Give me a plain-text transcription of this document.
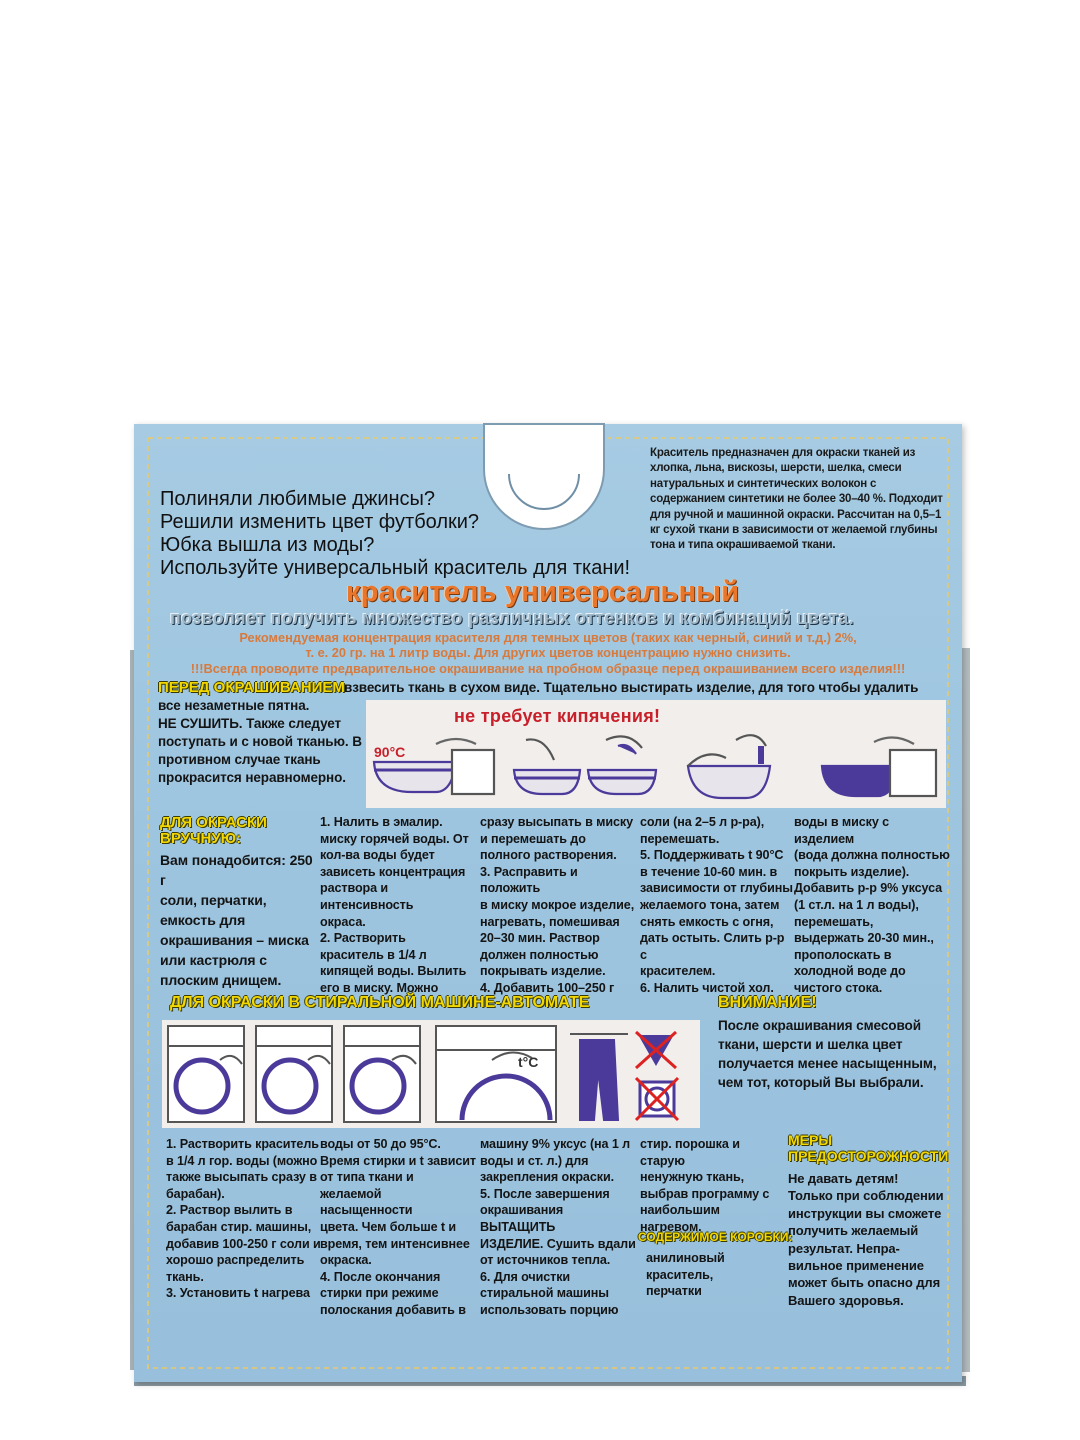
Полиняли любимые джинсы?
Решили изменить цвет футболки?
Юбка вышла из моды?
Используйте универсальный краситель для ткани!
Краситель предназначен для окраски тканей из хлопка, льна, вискозы, шерсти, шелка, смеси натуральных и синтетических волокон с содержанием синтетики не более 30–40 %. Подходит для ручной и машинной окраски. Рассчитан на 0,5–1 кг сухой ткани в зависимости от желаемой глубины тона и типа окрашиваемой ткани.
краситель универсальный
позволяет получить множество различных оттенков и комбинаций цвета.
Рекомендуемая концентрация красителя для темных цветов (таких как черный, синий и т.д.) 2%,
т. е. 20 гр. на 1 литр воды. Для других цветов концентрацию нужно снизить.
!!!Всегда проводите предварительное окрашивание на пробном образце перед окрашиванием всего изделия!!!
ПЕРЕД ОКРАШИВАНИЕМ взвесить ткань в сухом виде. Тщательно выстирать изделие, для того чтобы удалить
все незаметные пятна.
НЕ СУШИТЬ. Также следует
поступать и с новой тканью. В
противном случае ткань
прокрасится неравномерно.
не требует кипячения!
90°С
ДЛЯ ОКРАСКИ
ВРУЧНУЮ:
Вам понадобится: 250 г
соли, перчатки,
емкость для
окрашивания – миска
или кастрюля с
плоским днищем.
1. Налить в эмалир.
миску горячей воды. От
кол-ва воды будет
зависеть концентрация
раствора и интенсивность
окраса.
2. Растворить
краситель в 1/4 л
кипящей воды. Вылить
его в миску. Можно
сразу высыпать в миску
и перемешать до
полного растворения.
3. Расправить и положить
в миску мокрое изделие,
нагревать, помешивая
20–30 мин. Раствор
должен полностью
покрывать изделие.
4. Добавить 100–250 г
соли (на 2–5 л р-ра),
перемешать.
5. Поддерживать t 90°С
в течение 10-60 мин. в
зависимости от глубины
желаемого тона, затем
снять емкость с огня,
дать остыть. Слить р-р с
красителем.
6. Налить чистой хол.
воды в миску с изделием
(вода должна полностью
покрыть изделие).
Добавить р-р 9% уксуса
(1 ст.л. на 1 л воды),
перемешать,
выдержать 20-30 мин.,
прополоскать в
холодной воде до
чистого стока.
ДЛЯ ОКРАСКИ В СТИРАЛЬНОЙ МАШИНЕ-АВТОМАТЕ
t°C
ВНИМАНИЕ!
После окрашивания смесовой
ткани, шерсти и шелка цвет
получается менее насыщенным,
чем тот, который Вы выбрали.
1. Растворить краситель
в 1/4 л гор. воды (можно
также высыпать сразу в
барабан).
2. Раствор вылить в
барабан стир. машины,
добавив 100-250 г соли и
хорошо распределить
ткань.
3. Установить t нагрева
воды от 50 до 95°С.
Время стирки и t зависит
от типа ткани и
желаемой насыщенности
цвета. Чем больше t и
время, тем интенсивнее
окраска.
4. После окончания
стирки при режиме
полоскания добавить в
машину 9% уксус (на 1 л
воды и ст. л.) для
закрепления окраски.
5. После завершения
окрашивания ВЫТАЩИТЬ
ИЗДЕЛИЕ. Сушить вдали
от источников тепла.
6. Для очистки
стиральной машины
использовать порцию
стир. порошка и старую
ненужную ткань,
выбрав программу с
наибольшим
нагревом.
СОДЕРЖИМОЕ КОРОБКИ:
анилиновый
краситель,
перчатки
МЕРЫ
ПРЕДОСТОРОЖНОСТИ
Не давать детям!
Только при соблюдении
инструкции вы сможете
получить желаемый
результат. Непра-
вильное применение
может быть опасно для
Вашего здоровья.
